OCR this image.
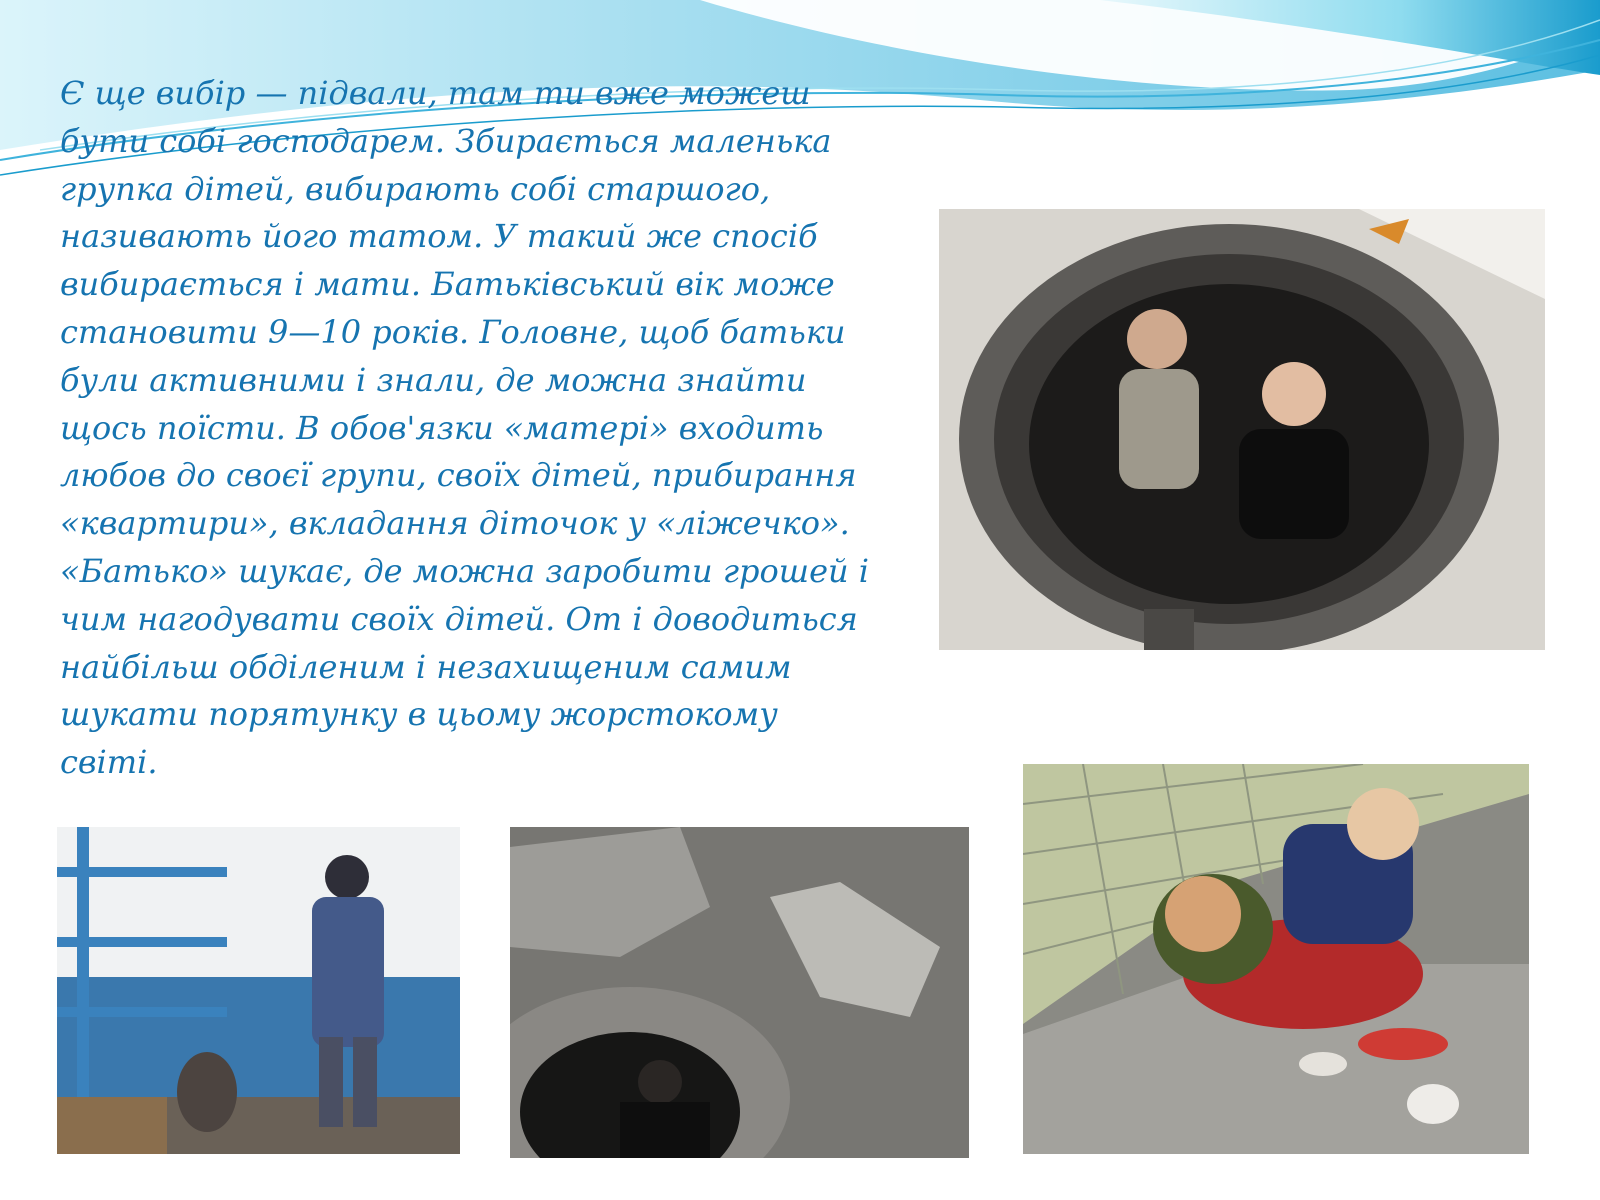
Є ще вибір — підвали, там ти вже можеш
бути собі господарем. Збирається маленька
групка дітей, вибирають собі старшого,
називають його татом. У такий же спосіб
вибирається і мати. Батьківський вік може
становити 9—10 років. Головне, щоб батьки
були активними і знали, де можна знайти
щось поїсти. В обов'язки «матері» входить
любов до своєї групи, своїх дітей, прибирання
«квартири», вкладання діточок у «ліжечко».
«Батько» шукає, де можна заробити грошей і
чим нагодувати своїх дітей. От і доводиться
найбільш обділеним і незахищеним самим
шукати порятунку в цьому жорстокому
світі.
